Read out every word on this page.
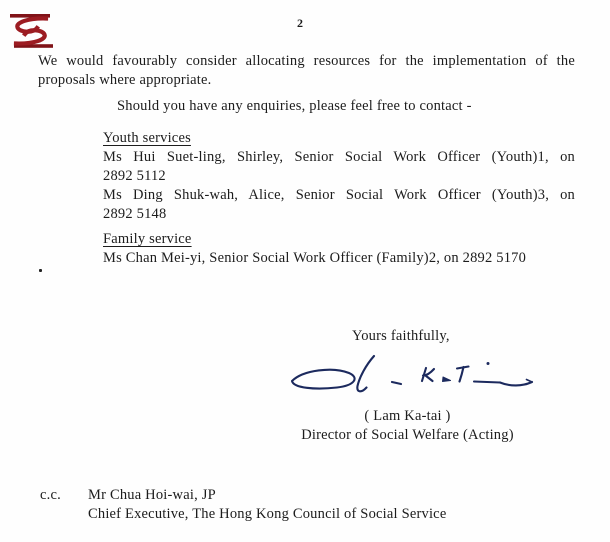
2
We would favourably consider allocating resources for the implementation of the
proposals where appropriate.
Should you have any enquiries, please feel free to contact -
Youth services
Ms Hui Suet-ling, Shirley, Senior Social Work Officer (Youth)1, on
2892 5112
Ms Ding Shuk-wah, Alice, Senior Social Work Officer (Youth)3, on
2892 5148
Family service
Ms Chan Mei-yi, Senior Social Work Officer (Family)2, on 2892 5170
Yours faithfully,
( Lam Ka-tai )
Director of Social Welfare (Acting)
c.c. Mr Chua Hoi-wai, JP
Chief Executive, The Hong Kong Council of Social Service
